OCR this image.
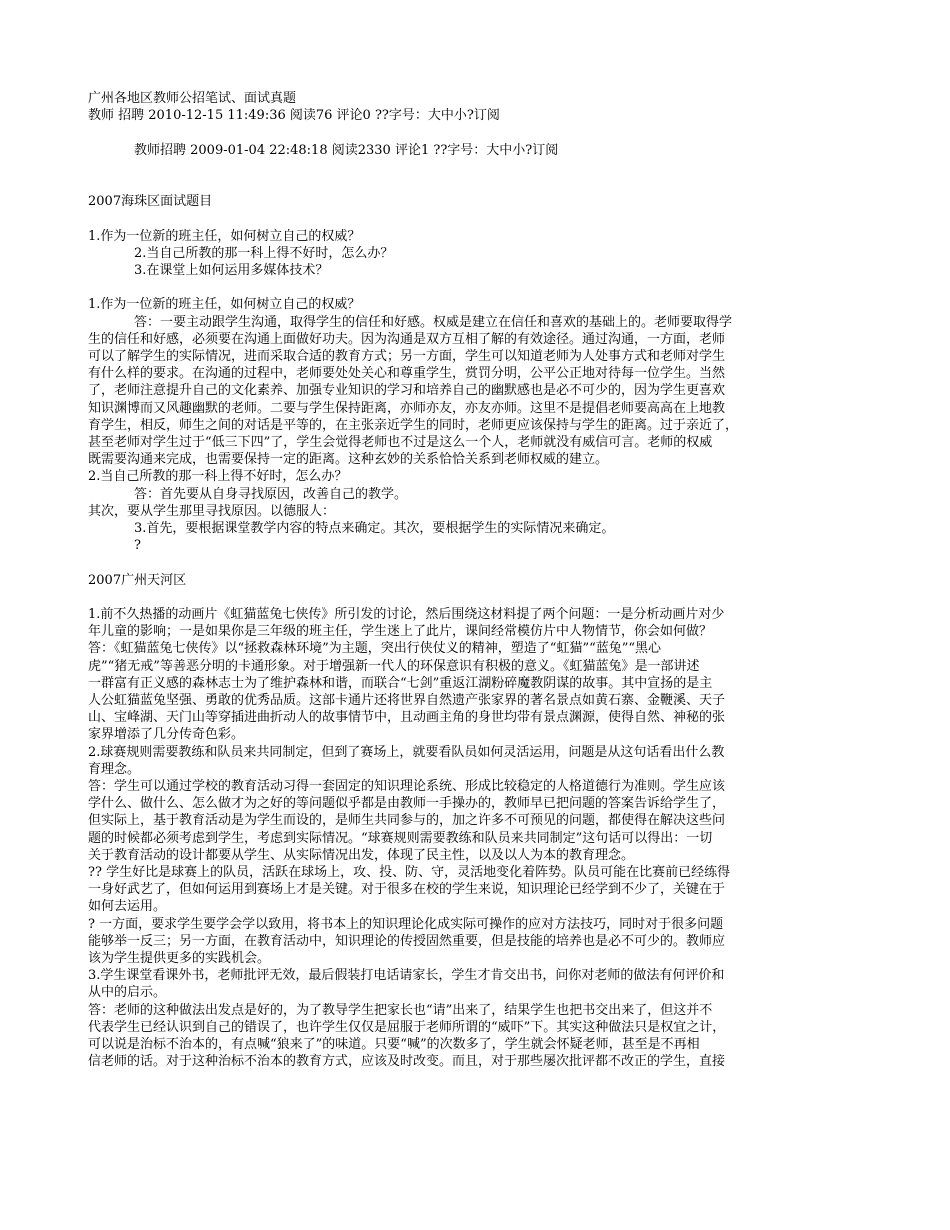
广州各地区教师公招笔试、面试真题
教师 招聘 2010-12-15 11:49:36 阅读76 评论0 ??字号：大中小?订阅
教师招聘 2009-01-04 22:48:18 阅读2330 评论1 ??字号：大中小?订阅
2007海珠区面试题目
1.作为一位新的班主任，如何树立自己的权威？
2.当自己所教的那一科上得不好时，怎么办？
3.在课堂上如何运用多媒体技术？
1.作为一位新的班主任，如何树立自己的权威？
答：一要主动跟学生沟通，取得学生的信任和好感。权威是建立在信任和喜欢的基础上的。老师要取得学
生的信任和好感，必须要在沟通上面做好功夫。因为沟通是双方互相了解的有效途径。通过沟通，一方面，老师
可以了解学生的实际情况，进而采取合适的教育方式；另一方面，学生可以知道老师为人处事方式和老师对学生
有什么样的要求。在沟通的过程中，老师要处处关心和尊重学生，赏罚分明，公平公正地对待每一位学生。当然
了，老师注意提升自己的文化素养、加强专业知识的学习和培养自己的幽默感也是必不可少的，因为学生更喜欢
知识渊博而又风趣幽默的老师。二要与学生保持距离，亦师亦友，亦友亦师。这里不是提倡老师要高高在上地教
育学生，相反，师生之间的对话是平等的，在主张亲近学生的同时，老师更应该保持与学生的距离。过于亲近了，
甚至老师对学生过于“低三下四”了，学生会觉得老师也不过是这么一个人，老师就没有威信可言。老师的权威
既需要沟通来完成，也需要保持一定的距离。这种玄妙的关系恰恰关系到老师权威的建立。
2.当自己所教的那一科上得不好时，怎么办？
答：首先要从自身寻找原因，改善自己的教学。
其次，要从学生那里寻找原因。以德服人：
3.首先，要根据课堂教学内容的特点来确定。其次，要根据学生的实际情况来确定。
?
2007广州天河区
1.前不久热播的动画片《虹猫蓝兔七侠传》所引发的讨论，然后围绕这材料提了两个问题：一是分析动画片对少
年儿童的影响；一是如果你是三年级的班主任，学生迷上了此片，课间经常模仿片中人物情节，你会如何做？
答：《虹猫蓝兔七侠传》以“拯救森林环境”为主题，突出行侠仗义的精神，塑造了“虹猫”“蓝兔”“黑心
虎”“猪无戒”等善恶分明的卡通形象。对于增强新一代人的环保意识有积极的意义。《虹猫蓝兔》是一部讲述
一群富有正义感的森林志士为了维护森林和谐，而联合“七剑”重返江湖粉碎魔教阴谋的故事。其中宣扬的是主
人公虹猫蓝兔坚强、勇敢的优秀品质。这部卡通片还将世界自然遗产张家界的著名景点如黄石寨、金鞭溪、天子
山、宝峰湖、天门山等穿插进曲折动人的故事情节中，且动画主角的身世均带有景点渊源，使得自然、神秘的张
家界增添了几分传奇色彩。
2.球赛规则需要教练和队员来共同制定，但到了赛场上，就要看队员如何灵活运用，问题是从这句话看出什么教
育理念。
答：学生可以通过学校的教育活动习得一套固定的知识理论系统、形成比较稳定的人格道德行为准则。学生应该
学什么、做什么、怎么做才为之好的等问题似乎都是由教师一手操办的，教师早已把问题的答案告诉给学生了，
但实际上，基于教育活动是为学生而设的，是师生共同参与的，加之许多不可预见的问题，都使得在解决这些问
题的时候都必须考虑到学生，考虑到实际情况。“球赛规则需要教练和队员来共同制定”这句话可以得出：一切
关于教育活动的设计都要从学生、从实际情况出发，体现了民主性，以及以人为本的教育理念。
?? 学生好比是球赛上的队员，活跃在球场上，攻、投、防、守，灵活地变化着阵势。队员可能在比赛前已经练得
一身好武艺了，但如何运用到赛场上才是关键。对于很多在校的学生来说，知识理论已经学到不少了，关键在于
如何去运用。
? 一方面，要求学生要学会学以致用，将书本上的知识理论化成实际可操作的应对方法技巧，同时对于很多问题
能够举一反三；另一方面，在教育活动中，知识理论的传授固然重要，但是技能的培养也是必不可少的。教师应
该为学生提供更多的实践机会。
3.学生课堂看课外书，老师批评无效，最后假装打电话请家长，学生才肯交出书，问你对老师的做法有何评价和
从中的启示。
答：老师的这种做法出发点是好的，为了教导学生把家长也“请”出来了，结果学生也把书交出来了，但这并不
代表学生已经认识到自己的错误了，也许学生仅仅是屈服于老师所谓的“威吓”下。其实这种做法只是权宜之计，
可以说是治标不治本的，有点喊“狼来了”的味道。只要“喊”的次数多了，学生就会怀疑老师，甚至是不再相
信老师的话。对于这种治标不治本的教育方式，应该及时改变。而且，对于那些屡次批评都不改正的学生，直接
